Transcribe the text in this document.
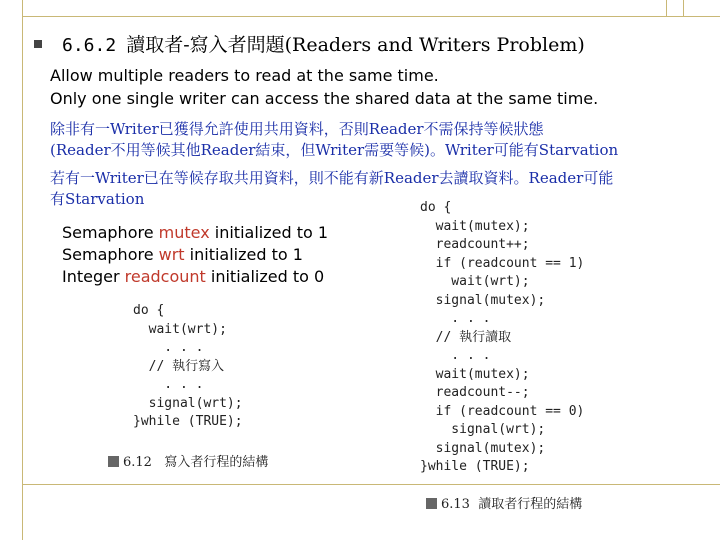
6.6.2 讀取者-寫入者問題(Readers and Writers Problem)
Allow multiple readers to read at the same time.
Only one single writer can access the shared data at the same time.
除非有一Writer已獲得允許使用共用資料，否則Reader不需保持等候狀態
(Reader不用等候其他Reader結束，但Writer需要等候)。Writer可能有Starvation
若有一Writer已在等候存取共用資料，則不能有新Reader去讀取資料。Reader可能
有Starvation
Semaphore mutex initialized to 1
Semaphore wrt initialized to 1
Integer readcount initialized to 0
do {
wait(wrt);
. . .
// 執行寫入
. . .
signal(wrt);
}while (TRUE);
6.12 寫入者行程的結構
do {
wait(mutex);
readcount++;
if (readcount == 1)
wait(wrt);
signal(mutex);
. . .
// 執行讀取
. . .
wait(mutex);
readcount--;
if (readcount == 0)
signal(wrt);
signal(mutex);
}while (TRUE);
6.13 讀取者行程的結構
